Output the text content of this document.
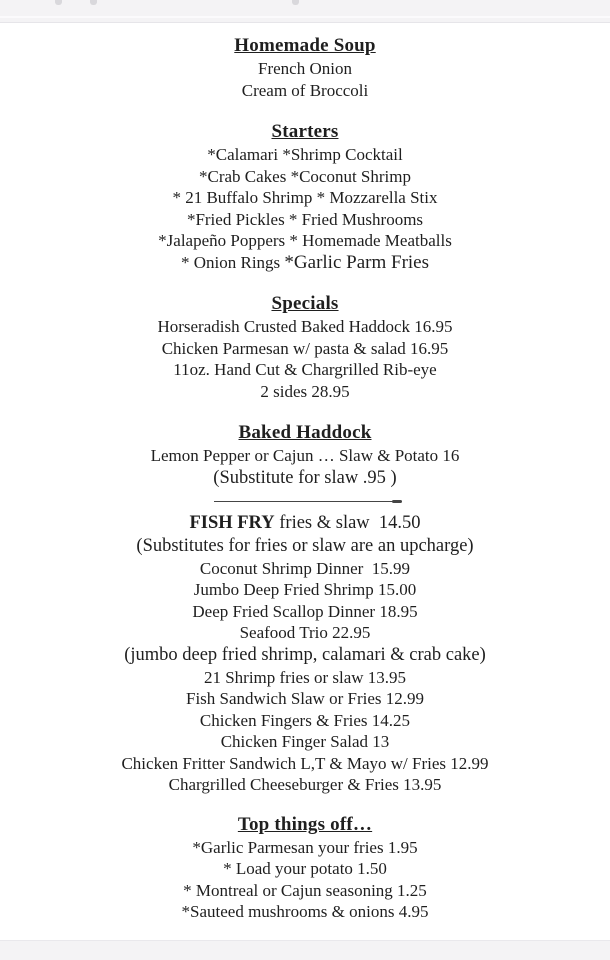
Homemade Soup
French Onion
Cream of Broccoli
Starters
*Calamari *Shrimp Cocktail
*Crab Cakes *Coconut Shrimp
* 21 Buffalo Shrimp * Mozzarella Stix
*Fried Pickles * Fried Mushrooms
*Jalapeño Poppers * Homemade Meatballs
* Onion Rings *Garlic Parm Fries
Specials
Horseradish Crusted Baked Haddock 16.95
Chicken Parmesan w/ pasta & salad 16.95
11oz. Hand Cut & Chargrilled Rib-eye
2 sides 28.95
Baked Haddock
Lemon Pepper or Cajun … Slaw & Potato 16
(Substitute for slaw .95 )
FISH FRY fries & slaw  14.50
(Substitutes for fries or slaw are an upcharge)
Coconut Shrimp Dinner  15.99
Jumbo Deep Fried Shrimp 15.00
Deep Fried Scallop Dinner 18.95
Seafood Trio 22.95
(jumbo deep fried shrimp, calamari & crab cake)
21 Shrimp fries or slaw 13.95
Fish Sandwich Slaw or Fries 12.99
Chicken Fingers & Fries 14.25
Chicken Finger Salad 13
Chicken Fritter Sandwich L,T & Mayo w/ Fries 12.99
Chargrilled Cheeseburger & Fries 13.95
Top things off…
*Garlic Parmesan your fries 1.95
* Load your potato 1.50
* Montreal or Cajun seasoning 1.25
*Sauteed mushrooms & onions 4.95
